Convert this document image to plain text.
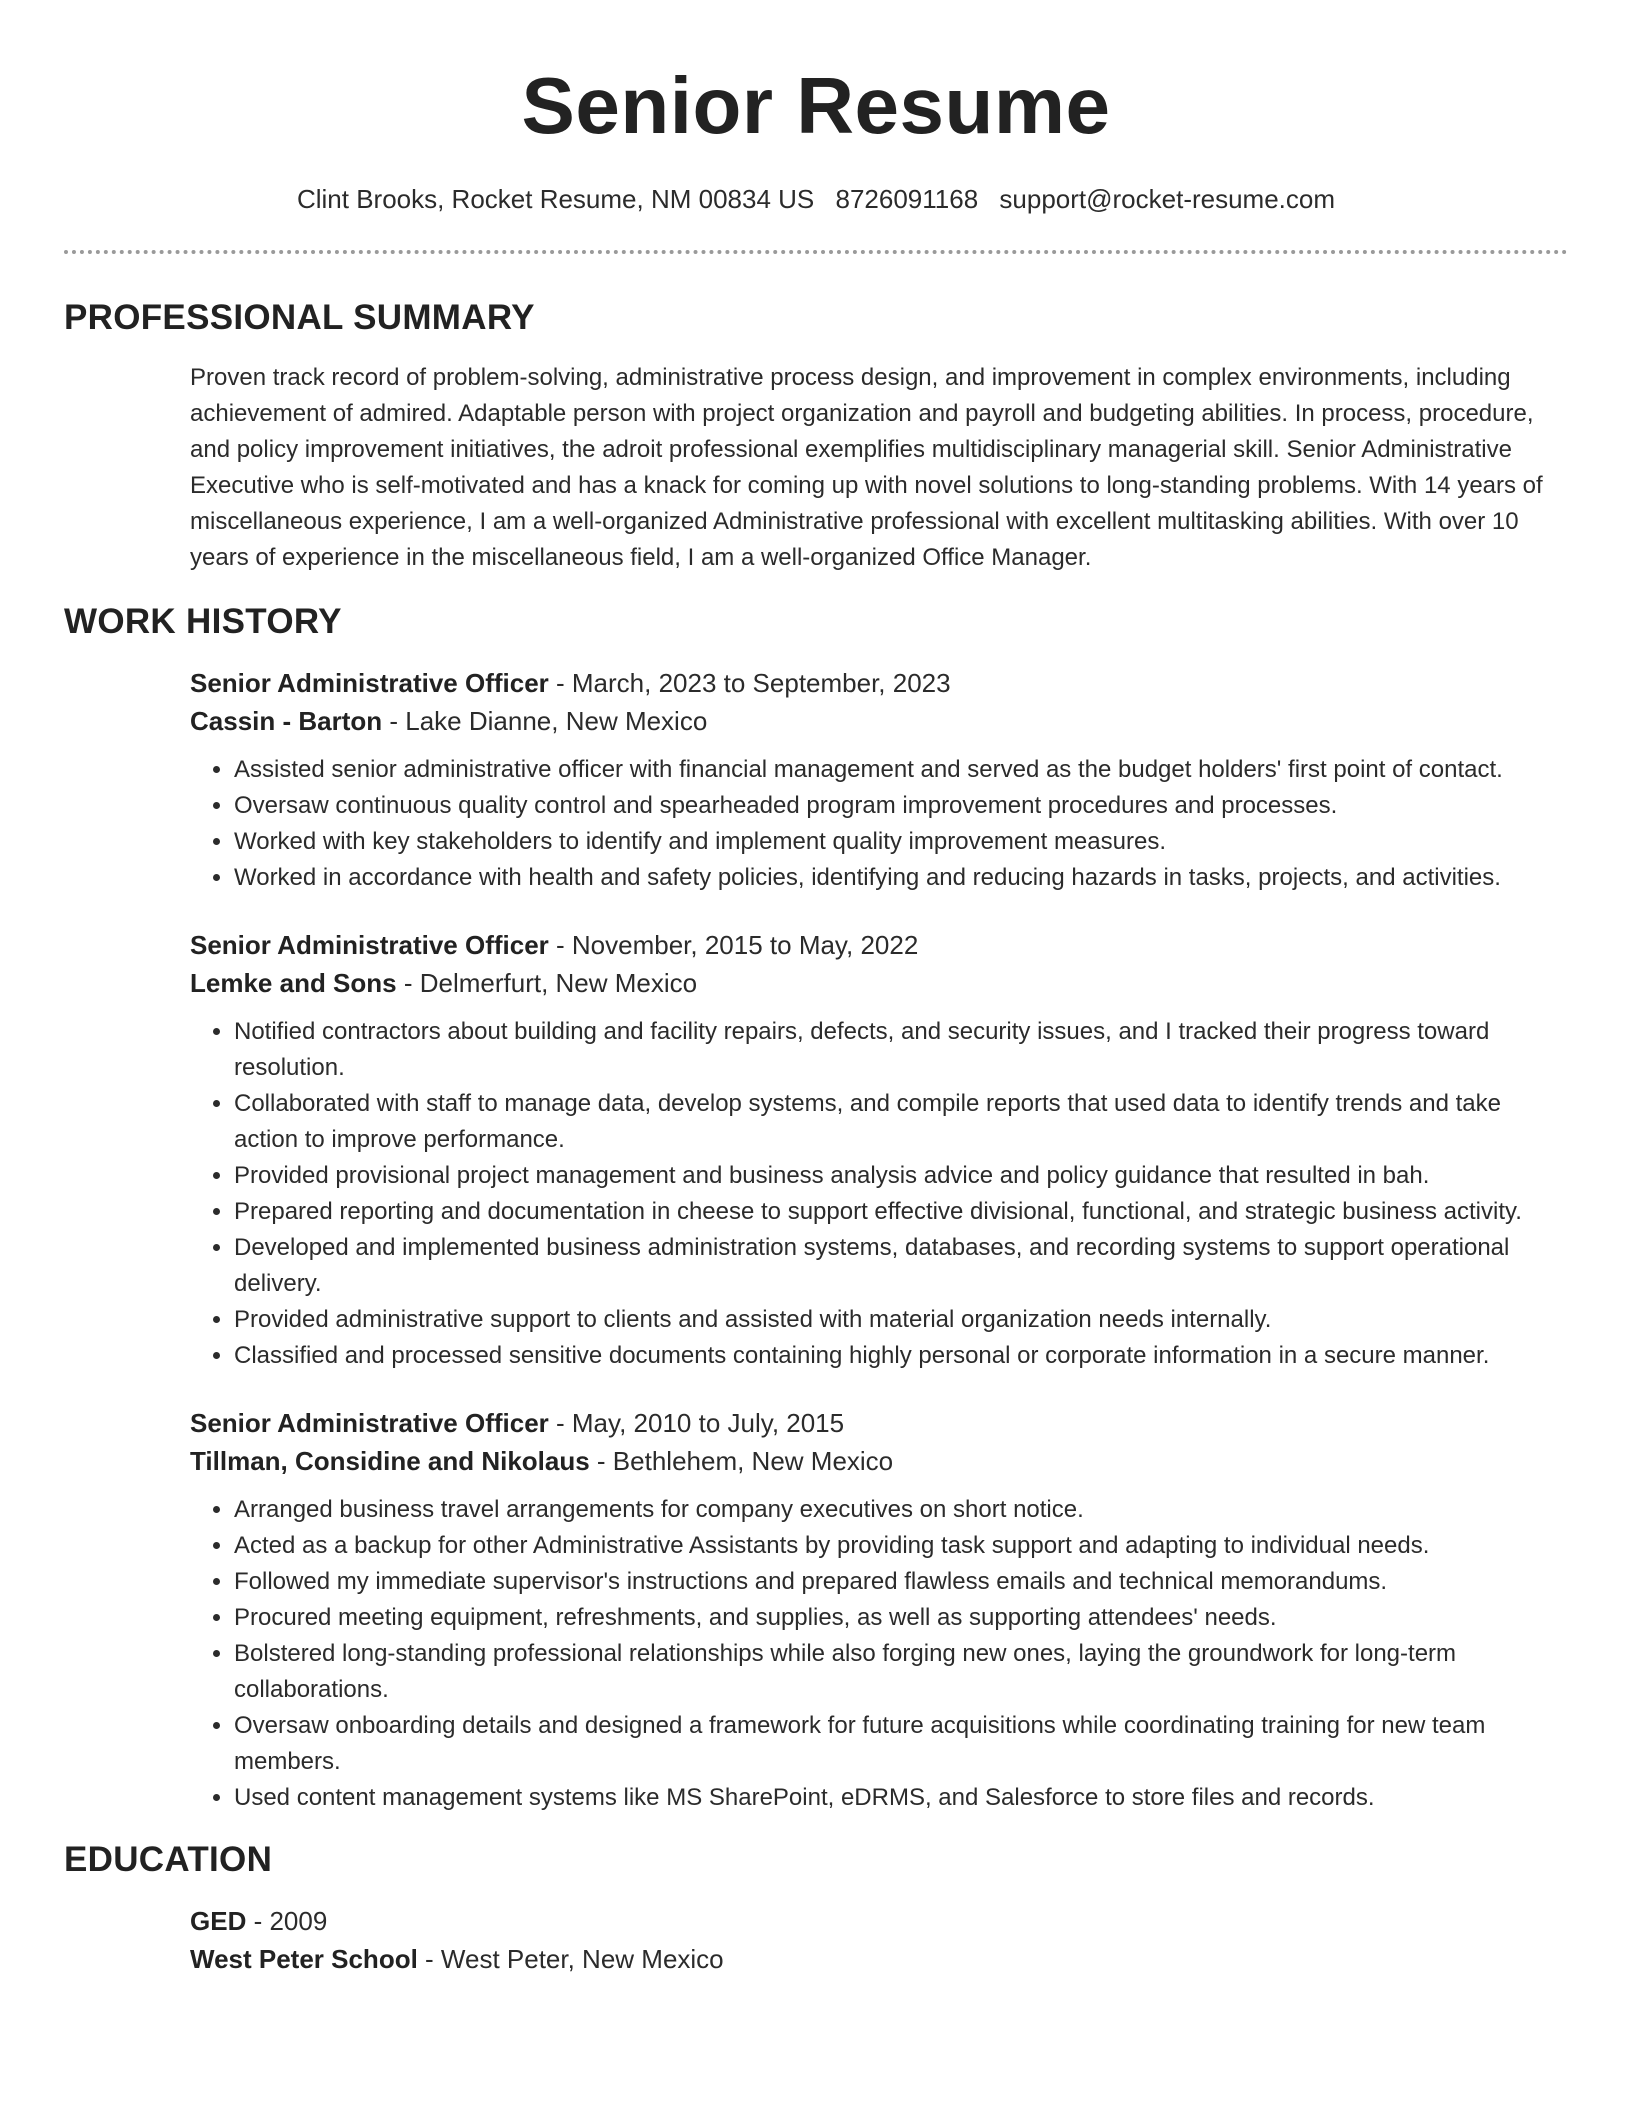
Senior Resume
Clint Brooks, Rocket Resume, NM 00834 US 8726091168 support@rocket-resume.com
PROFESSIONAL SUMMARY

Proven track record of problem-solving, administrative process design, and improvement in complex environments, including achievement of admired. Adaptable person with project organization and payroll and budgeting abilities. In process, procedure, and policy improvement initiatives, the adroit professional exemplifies multidisciplinary managerial skill. Senior Administrative Executive who is self-motivated and has a knack for coming up with novel solutions to long-standing problems. With 14 years of miscellaneous experience, I am a well-organized Administrative professional with excellent multitasking abilities. With over 10 years of experience in the miscellaneous field, I am a well-organized Office Manager.

WORK HISTORY

Senior Administrative Officer - March, 2023 to September, 2023

Cassin - Barton - Lake Dianne, New Mexico

• Assisted senior administrative officer with financial management and served as the budget holders' first point of contact.
• Oversaw continuous quality control and spearheaded program improvement procedures and processes.
• Worked with key stakeholders to identify and implement quality improvement measures.
• Worked in accordance with health and safety policies, identifying and reducing hazards in tasks, projects, and activities.

Senior Administrative Officer - November, 2015 to May, 2022

Lemke and Sons - Delmerfurt, New Mexico

• Notified contractors about building and facility repairs, defects, and security issues, and I tracked their progress toward resolution.
• Collaborated with staff to manage data, develop systems, and compile reports that used data to identify trends and take action to improve performance.
• Provided provisional project management and business analysis advice and policy guidance that resulted in bah.
• Prepared reporting and documentation in cheese to support effective divisional, functional, and strategic business activity.
• Developed and implemented business administration systems, databases, and recording systems to support operational delivery.
• Provided administrative support to clients and assisted with material organization needs internally.
• Classified and processed sensitive documents containing highly personal or corporate information in a secure manner.

Senior Administrative Officer - May, 2010 to July, 2015

Tillman, Considine and Nikolaus - Bethlehem, New Mexico

• Arranged business travel arrangements for company executives on short notice.
• Acted as a backup for other Administrative Assistants by providing task support and adapting to individual needs.
• Followed my immediate supervisor's instructions and prepared flawless emails and technical memorandums.
• Procured meeting equipment, refreshments, and supplies, as well as supporting attendees' needs.
• Bolstered long-standing professional relationships while also forging new ones, laying the groundwork for long-term collaborations.
• Oversaw onboarding details and designed a framework for future acquisitions while coordinating training for new team members.
• Used content management systems like MS SharePoint, eDRMS, and Salesforce to store files and records.
EDUCATION

GED - 2009

West Peter School - West Peter, New Mexico
